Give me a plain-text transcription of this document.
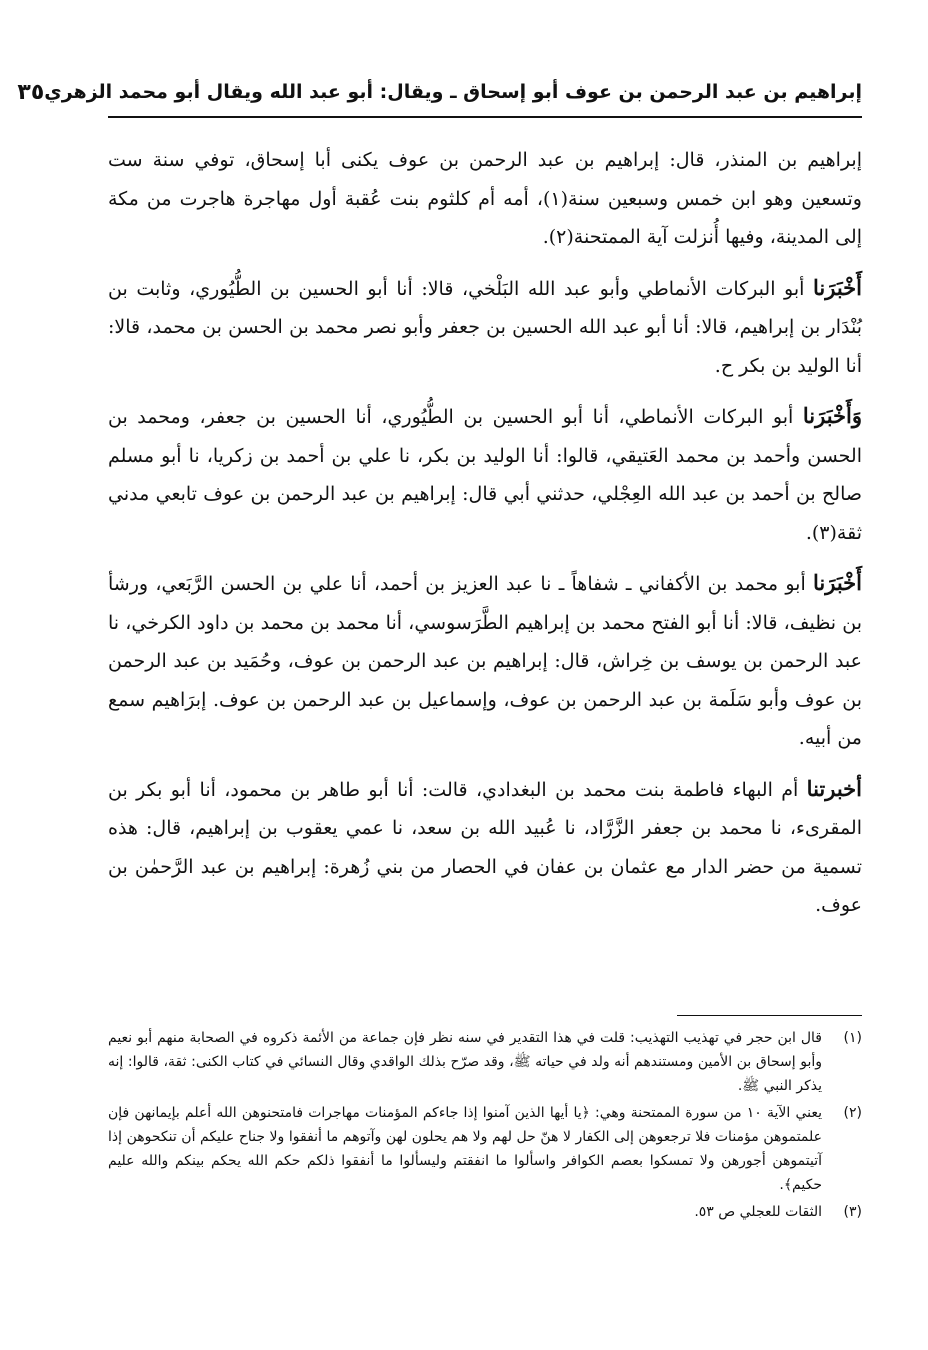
إبراهيم بن عبد الرحمن بن عوف أبو إسحاق ـ ويقال: أبو عبد الله ويقال أبو محمد الزهري
٣٥

إبراهيم بن المنذر، قال: إبراهيم بن عبد الرحمن بن عوف يكنى أبا إسحاق، توفي سنة ست وتسعين وهو ابن خمس وسبعين سنة(١)، أمه أم كلثوم بنت عُقبة أول مهاجرة هاجرت من مكة إلى المدينة، وفيها أُنزلت آية الممتحنة(٢).

أَخْبَرَنا أبو البركات الأنماطي وأبو عبد الله البَلْخي، قالا: أنا أبو الحسين بن الطُّيُوري، وثابت بن بُنْدَار بن إبراهيم، قالا: أنا أبو عبد الله الحسين بن جعفر وأبو نصر محمد بن الحسن بن محمد، قالا: أنا الوليد بن بكر ح.

وَأَخْبَرَنا أبو البركات الأنماطي، أنا أبو الحسين بن الطُّيُوري، أنا الحسين بن جعفر، ومحمد بن الحسن وأحمد بن محمد العَتيقي، قالوا: أنا الوليد بن بكر، نا علي بن أحمد بن زكريا، نا أبو مسلم صالح بن أحمد بن عبد الله العِجْلي، حدثني أبي قال: إبراهيم بن عبد الرحمن بن عوف تابعي مدني ثقة(٣).

أَخْبَرَنا أبو محمد بن الأكفاني ـ شفاهاً ـ نا عبد العزيز بن أحمد، أنا علي بن الحسن الرَّبَعي، ورشأ بن نظيف، قالا: أنا أبو الفتح محمد بن إبراهيم الطَّرَسوسي، أنا محمد بن محمد بن داود الكرخي، نا عبد الرحمن بن يوسف بن خِراش، قال: إبراهيم بن عبد الرحمن بن عوف، وحُمَيد بن عبد الرحمن بن عوف وأبو سَلَمة بن عبد الرحمن بن عوف، وإسماعيل بن عبد الرحمن بن عوف. إبرَاهيم سمع من أبيه.

أخبرتنا أم البهاء فاطمة بنت محمد بن البغدادي، قالت: أنا أبو طاهر بن محمود، أنا أبو بكر بن المقرىء، نا محمد بن جعفر الزَّرَّاد، نا عُبيد الله بن سعد، نا عمي يعقوب بن إبراهيم، قال: هذه تسمية من حضر الدار مع عثمان بن عفان في الحصار من بني زُهرة: إبراهيم بن عبد الرَّحمٰن بن عوف.

(١)
قال ابن حجر في تهذيب التهذيب: قلت في هذا التقدير في سنه نظر فإن جماعة من الأئمة ذكروه في الصحابة منهم أبو نعيم وأبو إسحاق بن الأمين ومستندهم أنه ولد في حياته ﷺ، وقد صرّح بذلك الواقدي وقال النسائي في كتاب الكنى: ثقة، قالوا: إنه يذكر النبي ﷺ.
(٢)
يعني الآية ١٠ من سورة الممتحنة وهي: ﴿يا أيها الذين آمنوا إذا جاءكم المؤمنات مهاجرات فامتحنوهن الله أعلم بإيمانهن فإن علمتموهن مؤمنات فلا ترجعوهن إلى الكفار لا هنّ حل لهم ولا هم يحلون لهن وآتوهم ما أنفقوا ولا جناح عليكم أن تنكحوهن إذا آتيتموهن أجورهن ولا تمسكوا بعصم الكوافر واسألوا ما انفقتم وليسألوا ما أنفقوا ذلكم حكم الله يحكم بينكم والله عليم حكيم﴾.
(٣)
الثقات للعجلي ص ٥٣.
